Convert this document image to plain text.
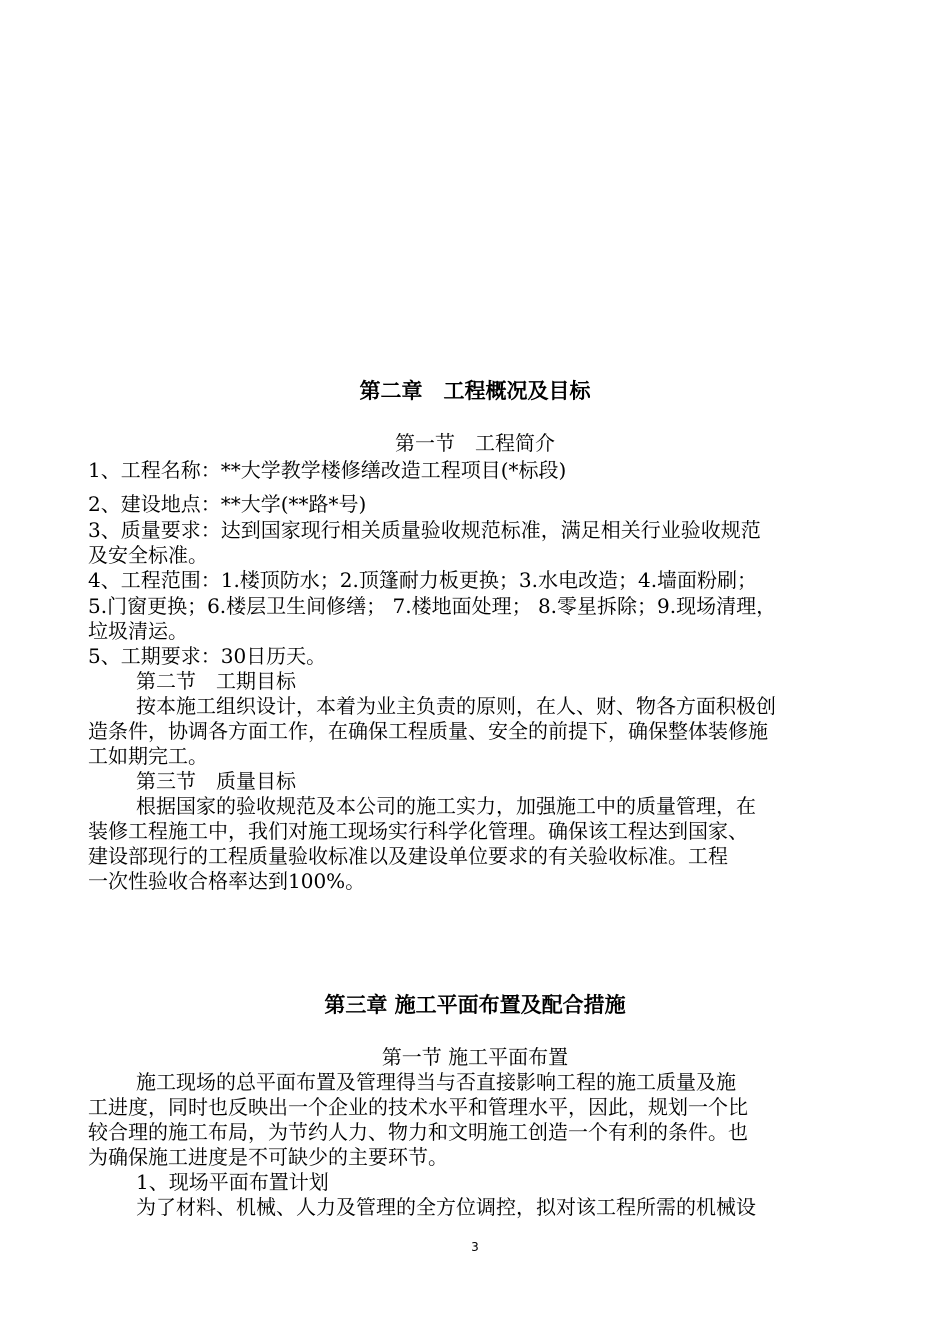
第二章　工程概况及目标
第一节　工程简介
1、工程名称：**大学教学楼修缮改造工程项目(*标段)
2、建设地点：**大学(**路*号)
3、质量要求：达到国家现行相关质量验收规范标准，满足相关行业验收规范
及安全标准。
4、工程范围：1.楼顶防水；2.顶篷耐力板更换；3.水电改造；4.墙面粉刷；
5.门窗更换；6.楼层卫生间修缮； 7.楼地面处理； 8.零星拆除；9.现场清理，
垃圾清运。
5、工期要求：30日历天。
第二节　工期目标
按本施工组织设计，本着为业主负责的原则，在人、财、物各方面积极创
造条件，协调各方面工作，在确保工程质量、安全的前提下，确保整体装修施
工如期完工。
第三节　质量目标
根据国家的验收规范及本公司的施工实力，加强施工中的质量管理，在
装修工程施工中，我们对施工现场实行科学化管理。确保该工程达到国家、
建设部现行的工程质量验收标准以及建设单位要求的有关验收标准。工程
一次性验收合格率达到100%。
第三章 施工平面布置及配合措施
第一节 施工平面布置
施工现场的总平面布置及管理得当与否直接影响工程的施工质量及施
工进度，同时也反映出一个企业的技术水平和管理水平，因此，规划一个比
较合理的施工布局，为节约人力、物力和文明施工创造一个有利的条件。也
为确保施工进度是不可缺少的主要环节。
1、现场平面布置计划
为了材料、机械、人力及管理的全方位调控，拟对该工程所需的机械设
3
